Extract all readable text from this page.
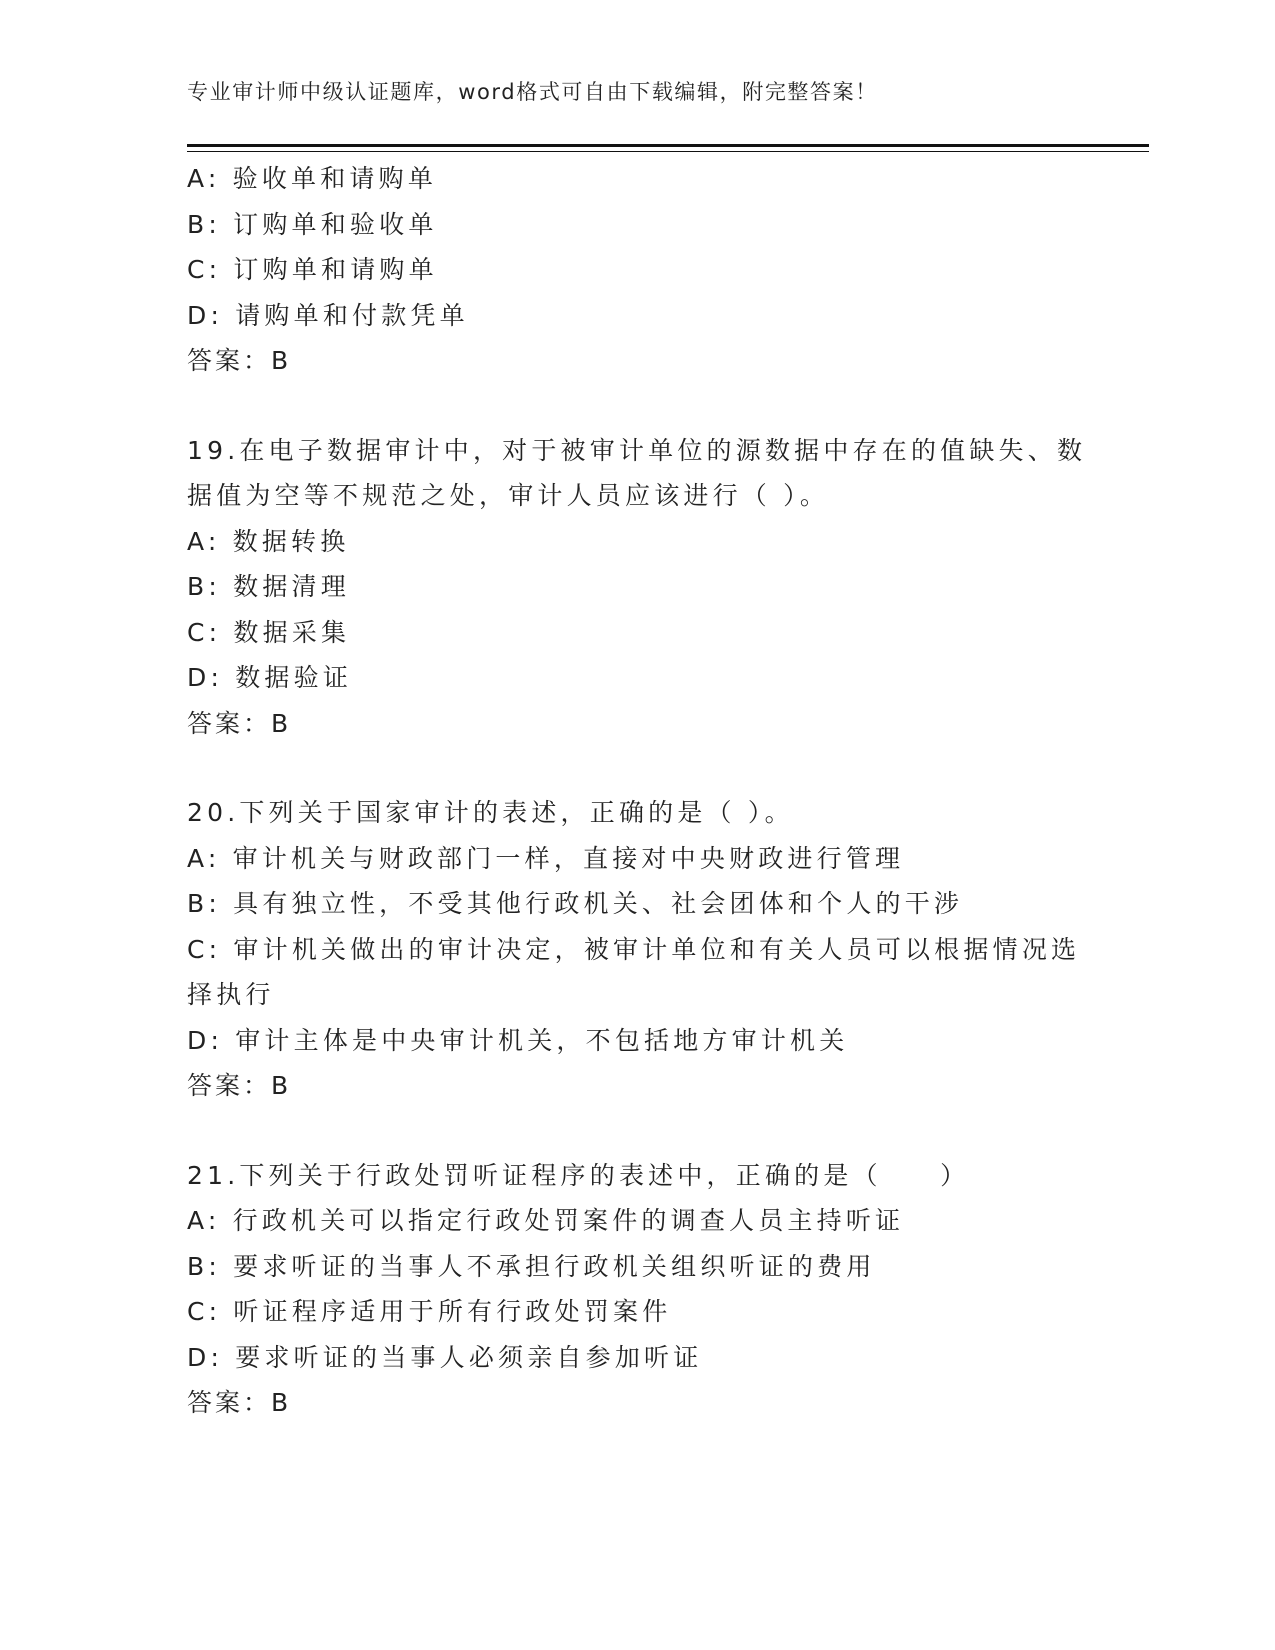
专业审计师中级认证题库，word格式可自由下载编辑，附完整答案！
A: 验收单和请购单
B: 订购单和验收单
C: 订购单和请购单
D: 请购单和付款凭单
答案：B
19.在电子数据审计中，对于被审计单位的源数据中存在的值缺失、数
据值为空等不规范之处，审计人员应该进行（ ）。
A: 数据转换
B: 数据清理
C: 数据采集
D: 数据验证
答案：B
20.下列关于国家审计的表述，正确的是（ ）。
A: 审计机关与财政部门一样，直接对中央财政进行管理
B: 具有独立性，不受其他行政机关、社会团体和个人的干涉
C: 审计机关做出的审计决定，被审计单位和有关人员可以根据情况选
择执行
D: 审计主体是中央审计机关，不包括地方审计机关
答案：B
21.下列关于行政处罚听证程序的表述中，正确的是（　　）
A: 行政机关可以指定行政处罚案件的调查人员主持听证
B: 要求听证的当事人不承担行政机关组织听证的费用
C: 听证程序适用于所有行政处罚案件
D: 要求听证的当事人必须亲自参加听证
答案：B
